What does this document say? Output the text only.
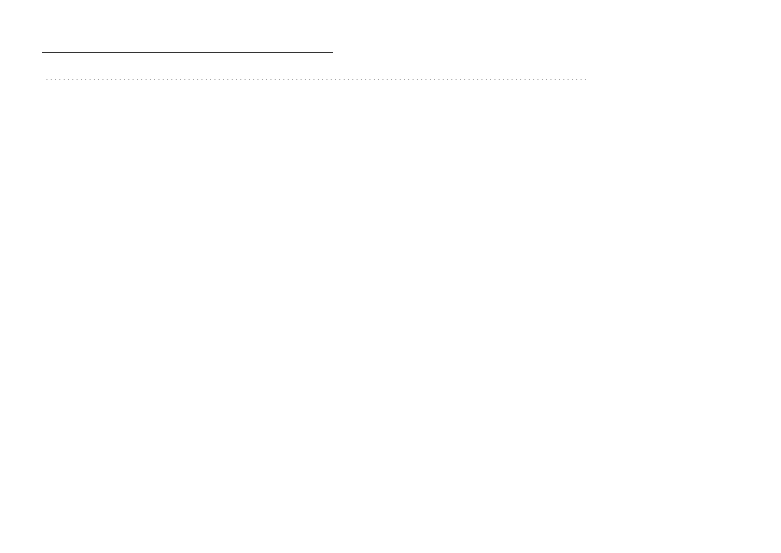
..............................................................................................................................
